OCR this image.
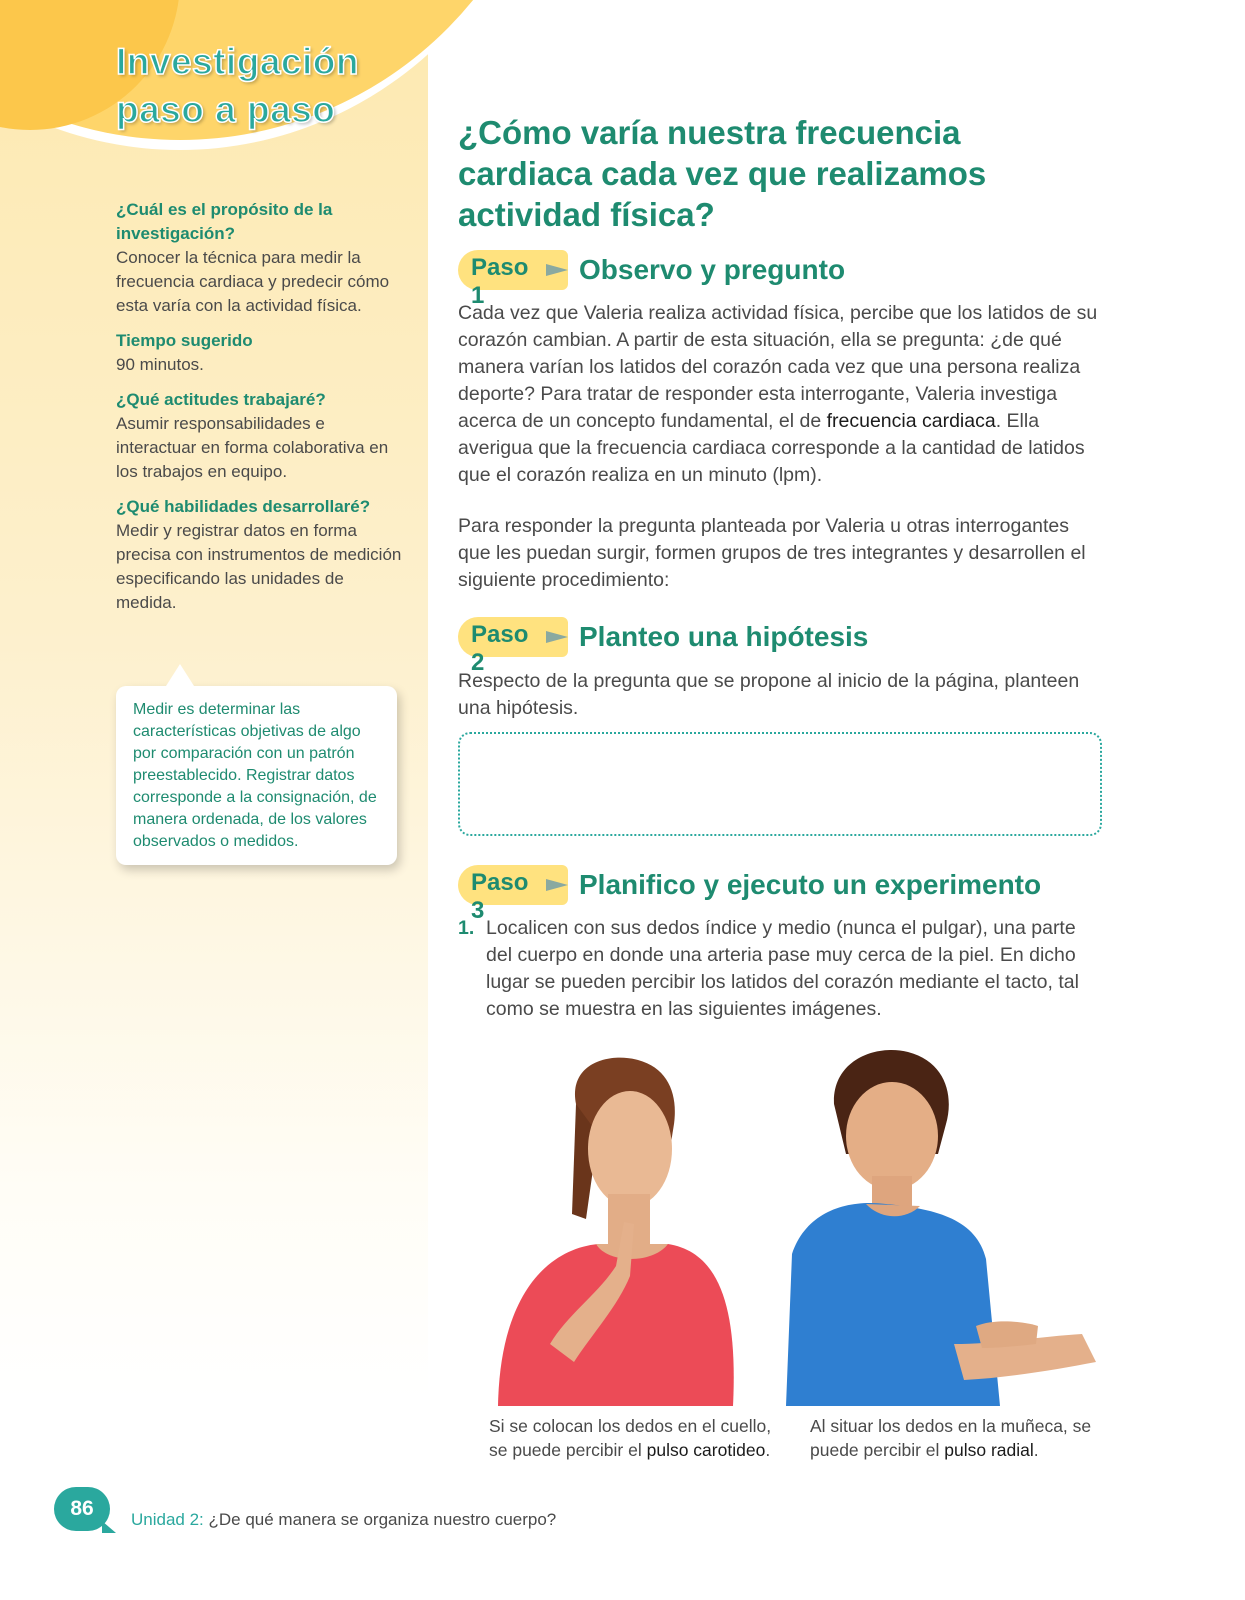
Investigación
paso a paso
¿Cuál es el propósito de la investigación?
Conocer la técnica para medir la frecuencia cardiaca y predecir cómo esta varía con la actividad física.
Tiempo sugerido
90 minutos.
¿Qué actitudes trabajaré?
Asumir responsabilidades e interactuar en forma colaborativa en los trabajos en equipo.
¿Qué habilidades desarrollaré?
Medir y registrar datos en forma precisa con instrumentos de medición especificando las unidades de medida.
Medir es determinar las características objetivas de algo por comparación con un patrón preestablecido. Registrar datos corresponde a la consignación, de manera ordenada, de los valores observados o medidos.
¿Cómo varía nuestra frecuencia cardiaca cada vez que realizamos actividad física?
Paso 1
Observo y pregunto

Cada vez que Valeria realiza actividad física, percibe que los latidos de su corazón cambian. A partir de esta situación, ella se pregunta: ¿de qué manera varían los latidos del corazón cada vez que una persona realiza deporte? Para tratar de responder esta interrogante, Valeria investiga acerca de un concepto fundamental, el de frecuencia cardiaca. Ella averigua que la frecuencia cardiaca corresponde a la cantidad de latidos que el corazón realiza en un minuto (lpm).

Para responder la pregunta planteada por Valeria u otras interrogantes que les puedan surgir, formen grupos de tres integrantes y desarrollen el siguiente procedimiento:

Paso 2
Planteo una hipótesis

Respecto de la pregunta que se propone al inicio de la página, planteen una hipótesis.

Paso 3
Planifico y ejecuto un experimento
1. Localicen con sus dedos índice y medio (nunca el pulgar), una parte del cuerpo en donde una arteria pase muy cerca de la piel. En dicho lugar se pueden percibir los latidos del corazón mediante el tacto, tal como se muestra en las siguientes imágenes.

Si se colocan los dedos en el cuello, se puede percibir el pulso carotideo.

Al situar los dedos en la muñeca, se puede percibir el pulso radial.

86	Unidad 2: ¿De qué manera se organiza nuestro cuerpo?
